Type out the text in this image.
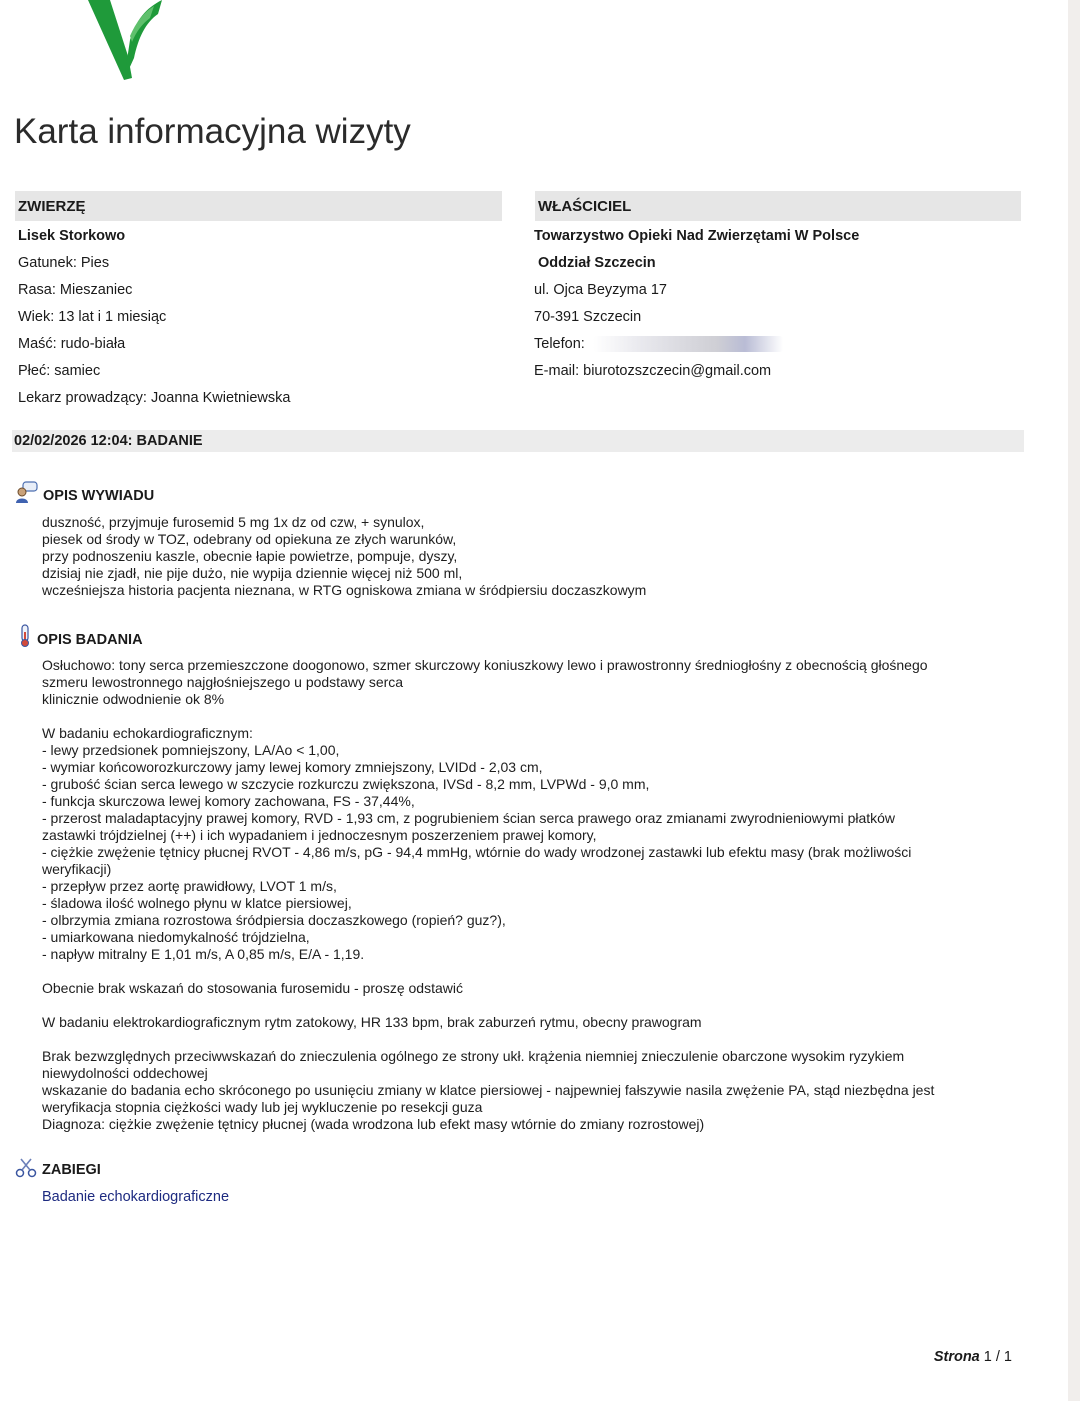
Karta informacyjna wizyty
ZWIERZĘ
Lisek Storkowo
Gatunek: Pies
Rasa: Mieszaniec
Wiek: 13 lat i 1 miesiąc
Maść: rudo-biała
Płeć: samiec
Lekarz prowadzący: Joanna Kwietniewska
WŁAŚCICIEL
Towarzystwo Opieki Nad Zwierzętami W Polsce
Oddział Szczecin
ul. Ojca Beyzyma 17
70-391 Szczecin
Telefon:
E-mail: biurotozszczecin@gmail.com
02/02/2026 12:04: BADANIE
OPIS WYWIADU
duszność, przyjmuje furosemid 5 mg 1x dz od czw, + synulox,
piesek od środy w TOZ, odebrany od opiekuna ze złych warunków,
przy podnoszeniu kaszle, obecnie łapie powietrze, pompuje, dyszy,
dzisiaj nie zjadł, nie pije dużo, nie wypija dziennie więcej niż 500 ml,
wcześniejsza historia pacjenta nieznana, w RTG ogniskowa zmiana w śródpiersiu doczaszkowym
OPIS BADANIA
Osłuchowo: tony serca przemieszczone doogonowo, szmer skurczowy koniuszkowy lewo i prawostronny średniogłośny z obecnością głośnego
szmeru lewostronnego najgłośniejszego u podstawy serca
klinicznie odwodnienie ok 8%

W badaniu echokardiograficznym:
- lewy przedsionek pomniejszony, LA/Ao < 1,00,
- wymiar końcoworozkurczowy jamy lewej komory zmniejszony, LVIDd - 2,03 cm,
- grubość ścian serca lewego w szczycie rozkurczu zwiększona, IVSd - 8,2 mm, LVPWd - 9,0 mm,
- funkcja skurczowa lewej komory zachowana, FS - 37,44%,
- przerost maladaptacyjny prawej komory, RVD - 1,93 cm, z pogrubieniem ścian serca prawego oraz zmianami zwyrodnieniowymi płatków
zastawki trójdzielnej (++) i ich wypadaniem i jednoczesnym poszerzeniem prawej komory,
- ciężkie zwężenie tętnicy płucnej RVOT - 4,86 m/s, pG - 94,4 mmHg, wtórnie do wady wrodzonej zastawki lub efektu masy (brak możliwości
weryfikacji)
- przepływ przez aortę prawidłowy, LVOT 1 m/s,
- śladowa ilość wolnego płynu w klatce piersiowej,
- olbrzymia zmiana rozrostowa śródpiersia doczaszkowego (ropień? guz?),
- umiarkowana niedomykalność trójdzielna,
- napływ mitralny E 1,01 m/s, A 0,85 m/s, E/A - 1,19.

Obecnie brak wskazań do stosowania furosemidu - proszę odstawić

W badaniu elektrokardiograficznym rytm zatokowy, HR 133 bpm, brak zaburzeń rytmu, obecny prawogram

Brak bezwzględnych przeciwwskazań do znieczulenia ogólnego ze strony ukł. krążenia niemniej znieczulenie obarczone wysokim ryzykiem
niewydolności oddechowej
wskazanie do badania echo skróconego po usunięciu zmiany w klatce piersiowej - najpewniej fałszywie nasila zwężenie PA, stąd niezbędna jest
weryfikacja stopnia ciężkości wady lub jej wykluczenie po resekcji guza
Diagnoza: ciężkie zwężenie tętnicy płucnej (wada wrodzona lub efekt masy wtórnie do zmiany rozrostowej)
ZABIEGI
Badanie echokardiograficzne
Strona 1 / 1
